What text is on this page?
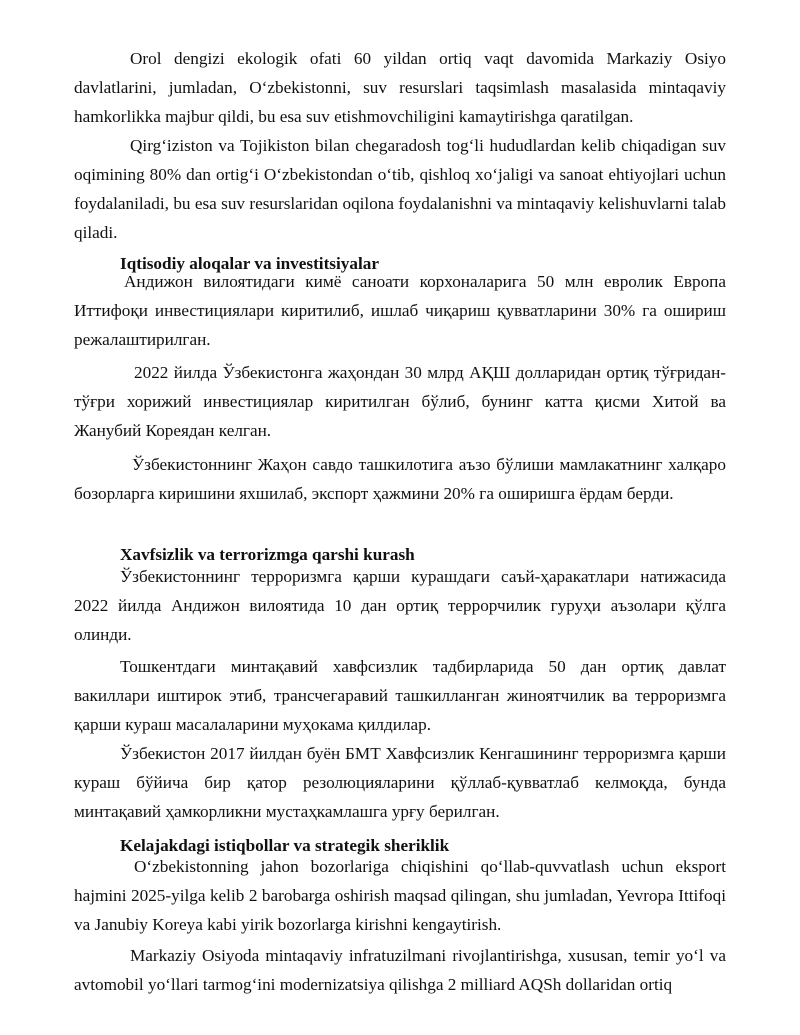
Orol dengizi ekologik ofati 60 yildan ortiq vaqt davomida Markaziy Osiyo davlatlarini, jumladan, O‘zbekistonni, suv resurslari taqsimlash masalasida mintaqaviy hamkorlikka majbur qildi, bu esa suv etishmovchiligini kamaytirishga qaratilgan.

Qirg‘iziston va Tojikiston bilan chegaradosh tog‘li hududlardan kelib chiqadigan suv oqimining 80% dan ortig‘i O‘zbekistondan o‘tib, qishloq xo‘jaligi va sanoat ehtiyojlari uchun foydalaniladi, bu esa suv resurslaridan oqilona foydalanishni va mintaqaviy kelishuvlarni talab qiladi.

Iqtisodiy aloqalar va investitsiyalar

Андижон вилоятидаги кимё саноати корхоналарига 50 млн евролик Европа Иттифоқи инвестициялари киритилиб, ишлаб чиқариш қувватларини 30% га ошириш режалаштирилган.

2022 йилда Ўзбекистонга жаҳондан 30 млрд АҚШ долларидан ортиқ тўғридан-тўғри хорижий инвестициялар киритилган бўлиб, бунинг катта қисми Хитой ва Жанубий Кореядан келган.

Ўзбекистоннинг Жаҳон савдо ташкилотига аъзо бўлиши мамлакатнинг халқаро бозорларга киришини яхшилаб, экспорт ҳажмини 20% га оширишга ёрдам берди.

Xavfsizlik va terrorizmga qarshi kurash

Ўзбекистоннинг терроризмга қарши курашдаги саъй-ҳаракатлари натижасида 2022 йилда Андижон вилоятида 10 дан ортиқ террорчилик гуруҳи аъзолари қўлга олинди.

Тошкентдаги минтақавий хавфсизлик тадбирларида 50 дан ортиқ давлат вакиллари иштирок этиб, трансчегаравий ташкилланган жиноятчилик ва терроризмга қарши кураш масалаларини муҳокама қилдилар.

Ўзбекистон 2017 йилдан буён БМТ Хавфсизлик Кенгашининг терроризмга қарши кураш бўйича бир қатор резолюцияларини қўллаб-қувватлаб келмоқда, бунда минтақавий ҳамкорликни мустаҳкамлашга урғу берилган.

Kelajakdagi istiqbollar va strategik sheriklik

O‘zbekistonning jahon bozorlariga chiqishini qo‘llab-quvvatlash uchun eksport hajmini 2025-yilga kelib 2 barobarga oshirish maqsad qilingan, shu jumladan, Yevropa Ittifoqi va Janubiy Koreya kabi yirik bozorlarga kirishni kengaytirish.

Markaziy Osiyoda mintaqaviy infratuzilmani rivojlantirishga, xususan, temir yo‘l va avtomobil yo‘llari tarmog‘ini modernizatsiya qilishga 2 milliard AQSh dollaridan ortiq
